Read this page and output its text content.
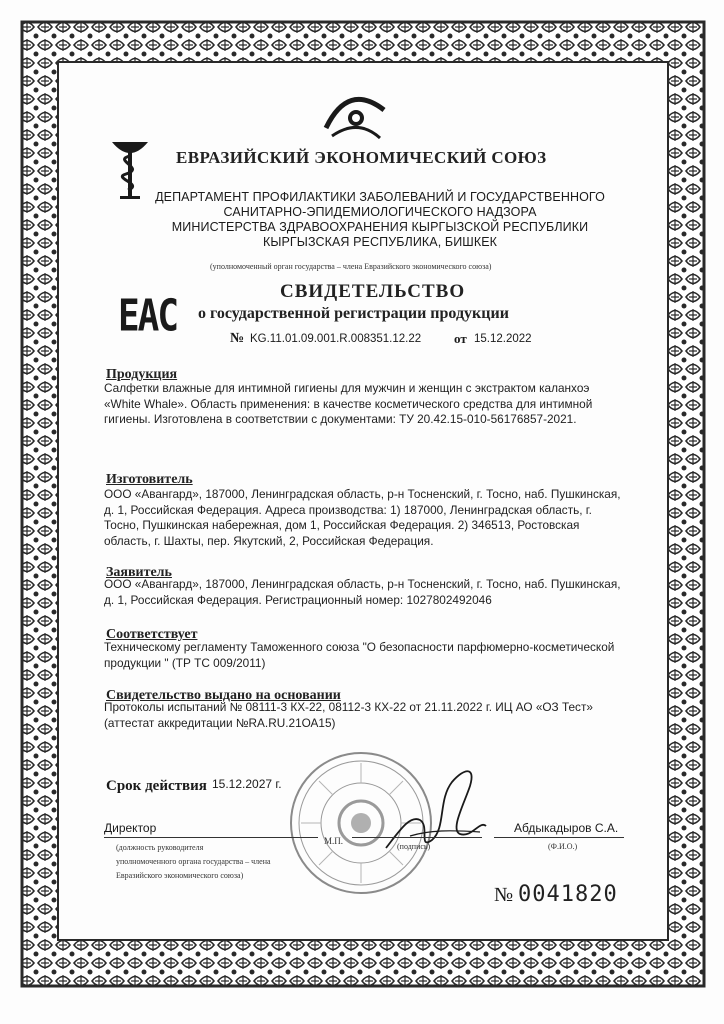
ЕВРАЗИЙСКИЙ ЭКОНОМИЧЕСКИЙ СОЮЗ
ДЕПАРТАМЕНТ ПРОФИЛАКТИКИ ЗАБОЛЕВАНИЙ И ГОСУДАРСТВЕННОГО
САНИТАРНО-ЭПИДЕМИОЛОГИЧЕСКОГО НАДЗОРА
МИНИСТЕРСТВА ЗДРАВООХРАНЕНИЯ КЫРГЫЗСКОЙ РЕСПУБЛИКИ
КЫРГЫЗСКАЯ РЕСПУБЛИКА, БИШКЕК
(уполномоченный орган государства – члена Евразийского экономического союза)
EAC
СВИДЕТЕЛЬСТВО
о государственной регистрации продукции
№ KG.11.01.09.001.R.008351.12.22	от 15.12.2022
Продукция
Салфетки влажные для интимной гигиены для мужчин и женщин с экстрактом каланхоэ «White Whale». Область применения: в качестве косметического средства для интимной гигиены. Изготовлена в соответствии с документами: ТУ 20.42.15-010-56176857-2021.
Изготовитель
ООО «Авангард», 187000, Ленинградская область, р-н Тосненский, г. Тосно, наб. Пушкинская, д. 1, Российская Федерация. Адреса производства: 1) 187000, Ленинградская область, г. Тосно, Пушкинская набережная, дом 1, Российская Федерация. 2) 346513, Ростовская область, г. Шахты, пер. Якутский, 2, Российская Федерация.
Заявитель
ООО «Авангард», 187000, Ленинградская область, р-н Тосненский, г. Тосно, наб. Пушкинская, д. 1, Российская Федерация. Регистрационный номер: 1027802492046
Соответствует
Техническому регламенту Таможенного союза "О безопасности парфюмерно-косметической продукции " (ТР ТС 009/2011)
Свидетельство выдано на основании
Протоколы испытаний № 08111-3 КХ-22, 08112-3 КХ-22 от 21.11.2022 г. ИЦ АО «ОЗ Тест» (аттестат аккредитации №RA.RU.21ОА15)
Срок действия 15.12.2027 г.
Директор
(должность руководителя
уполномоченного органа государства – члена
Евразийского экономического союза)
М.П.
(подпись)
Абдыкадыров С.А.
(Ф.И.О.)
№ 0041820
